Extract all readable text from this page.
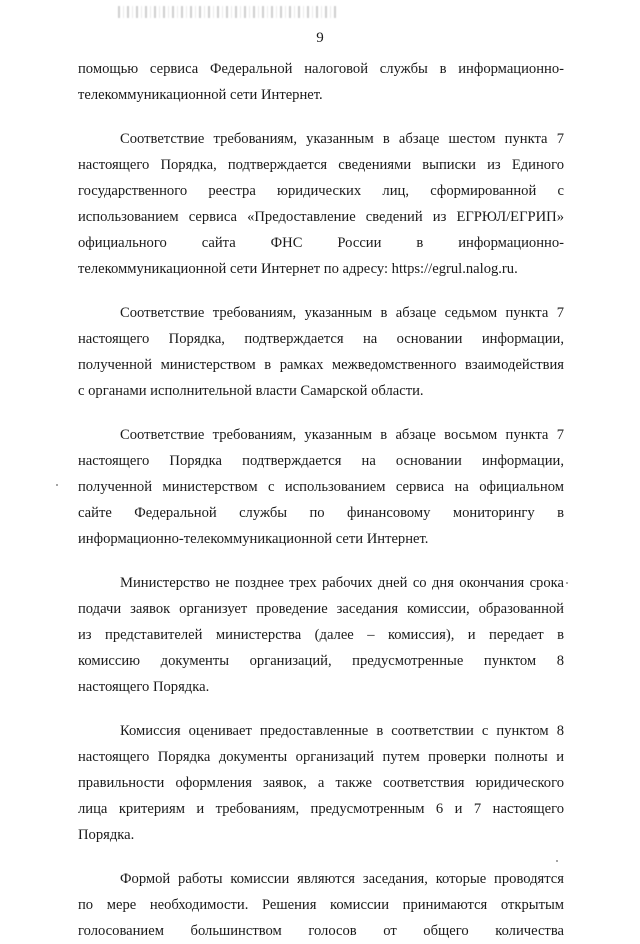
9
помощью сервиса Федеральной налоговой службы в информационно-
телекоммуникационной сети Интернет.
Соответствие требованиям, указанным в абзаце шестом пункта 7
настоящего Порядка, подтверждается сведениями выписки из Единого
государственного реестра юридических лиц, сформированной с
использованием сервиса «Предоставление сведений из ЕГРЮЛ/ЕГРИП»
официального сайта ФНС России в информационно-
телекоммуникационной сети Интернет по адресу: https://egrul.nalog.ru.
Соответствие требованиям, указанным в абзаце седьмом пункта 7
настоящего Порядка, подтверждается на основании информации,
полученной министерством в рамках межведомственного взаимодействия
с органами исполнительной власти Самарской области.
Соответствие требованиям, указанным в абзаце восьмом пункта 7
настоящего Порядка подтверждается на основании информации,
полученной министерством с использованием сервиса на официальном
сайте Федеральной службы по финансовому мониторингу в
информационно-телекоммуникационной сети Интернет.
Министерство не позднее трех рабочих дней со дня окончания срока
подачи заявок организует проведение заседания комиссии, образованной
из представителей министерства (далее – комиссия), и передает в
комиссию документы организаций, предусмотренные пунктом 8
настоящего Порядка.
Комиссия оценивает предоставленные в соответствии с пунктом 8
настоящего Порядка документы организаций путем проверки полноты и
правильности оформления заявок, а также соответствия юридического
лица критериям и требованиям, предусмотренным 6 и 7 настоящего
Порядка.
Формой работы комиссии являются заседания, которые проводятся
по мере необходимости. Решения комиссии принимаются открытым
голосованием большинством голосов от общего количества
